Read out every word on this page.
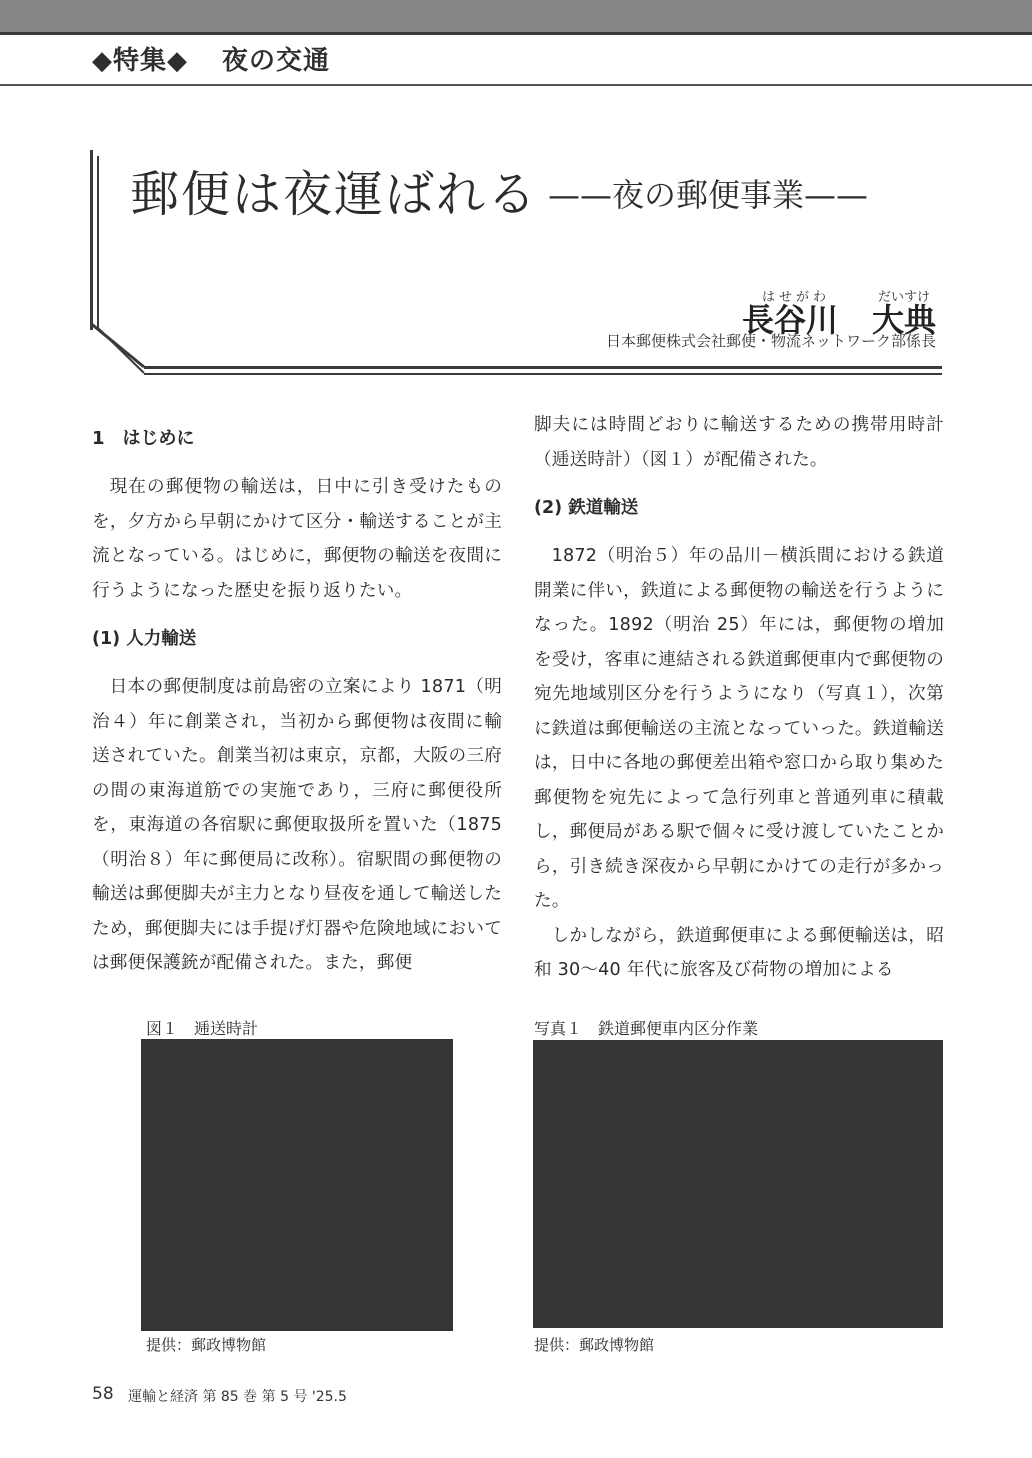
◆特集◆ 夜の交通
郵便は夜運ばれる ——夜の郵便事業——
はせがわ	だいすけ
長谷川 大典
日本郵便株式会社郵便・物流ネットワーク部係長
1　はじめに

現在の郵便物の輸送は，日中に引き受けたものを，夕方から早朝にかけて区分・輸送することが主流となっている。はじめに，郵便物の輸送を夜間に行うようになった歴史を振り返りたい。

(1) 人力輸送

日本の郵便制度は前島密の立案により 1871（明治４）年に創業され，当初から郵便物は夜間に輸送されていた。創業当初は東京，京都，大阪の三府の間の東海道筋での実施であり，三府に郵便役所を，東海道の各宿駅に郵便取扱所を置いた（1875（明治８）年に郵便局に改称）。宿駅間の郵便物の輸送は郵便脚夫が主力となり昼夜を通して輸送したため，郵便脚夫には手提げ灯器や危険地域においては郵便保護銃が配備された。また，郵便

脚夫には時間どおりに輸送するための携帯用時計（逓送時計）（図１）が配備された。

(2) 鉄道輸送

1872（明治５）年の品川－横浜間における鉄道開業に伴い，鉄道による郵便物の輸送を行うようになった。1892（明治 25）年には，郵便物の増加を受け，客車に連結される鉄道郵便車内で郵便物の宛先地域別区分を行うようになり（写真１），次第に鉄道は郵便輸送の主流となっていった。鉄道輸送は，日中に各地の郵便差出箱や窓口から取り集めた郵便物を宛先によって急行列車と普通列車に積載し，郵便局がある駅で個々に受け渡していたことから，引き続き深夜から早朝にかけての走行が多かった。

しかしながら，鉄道郵便車による郵便輸送は，昭和 30～40 年代に旅客及び荷物の増加による

図１　逓送時計
提供：郵政博物館
写真１　鉄道郵便車内区分作業
提供：郵政博物館
58 運輸と経済 第 85 巻 第 5 号 '25.5
